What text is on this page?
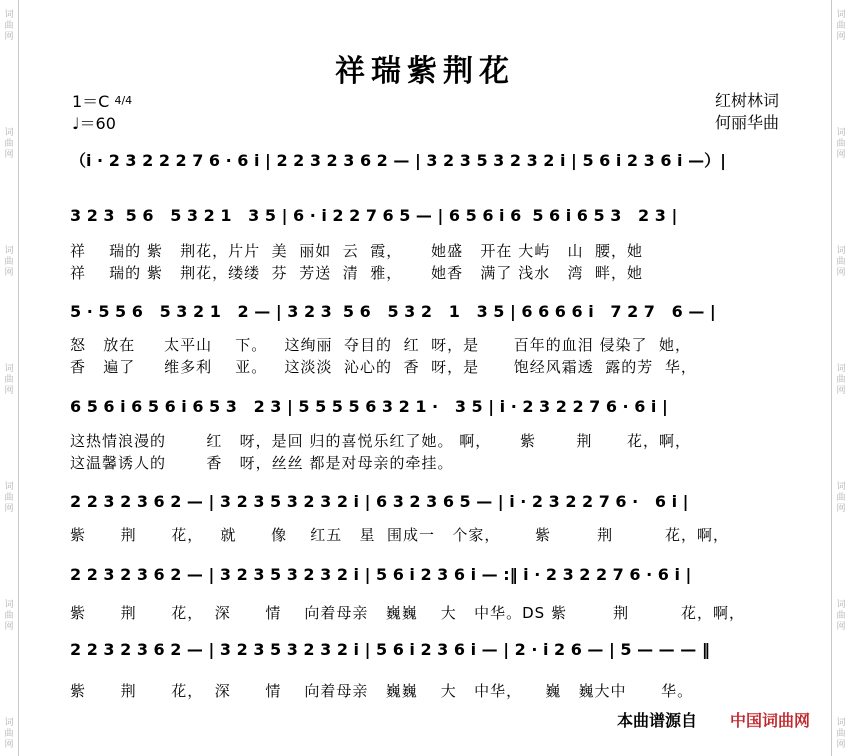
词
曲
网
词
曲
网
词
曲
网
词
曲
网
词
曲
网
词
曲
网
词
曲
网
词
曲
网
词
曲
网
词
曲
网
词
曲
网
词
曲
网
词
曲
网
词
曲
网
祥瑞紫荆花
1＝C 4/4
♩＝60
红树林词
何丽华曲
（i · 2 3 2 2 2 7 6 · 6 i | 2 2 3 2 3 6 2 — | 3 2 3 5 3 2 3 2 i | 5 6 i 2 3 6 i —）|
3 2 3  5 6   5 3 2 1   3 5 | 6 · i 2 2 7 6 5 — | 6 5 6 i 6  5 6 i 6 5 3   2 3 |
祥    瑞的 紫   荆花，片片  美  丽如  云  霞，     她盛   开在 大屿   山  腰，她
祥    瑞的 紫   荆花，缕缕  芬  芳送  清  雅，     她香   满了 浅水   湾  畔，她
5 · 5 5 6   5 3 2 1   2 — | 3 2 3  5 6   5 3 2   1   3 5 | 6 6 6 6 i   7 2 7   6 — |
怒   放在     太平山    下。   这绚丽  夺目的  红  呀，是      百年的血泪 侵染了  她，
香   遍了     维多利    亚。   这淡淡  沁心的  香  呀，是      饱经风霜透  露的芳  华，
6 5 6 i 6 5 6 i 6 5 3   2 3 | 5 5 5 5 6 3 2 1 ·   3 5 | i · 2 3 2 2 7 6 · 6 i |
这热情浪漫的       红   呀，是回 归的喜悦乐红了她。 啊，     紫       荆      花，啊，
这温馨诱人的       香   呀，丝丝 都是对母亲的牵挂。
2 2 3 2 3 6 2 — | 3 2 3 5 3 2 3 2 i | 6 3 2 3 6 5 — | i · 2 3 2 2 7 6 ·   6 i |
紫      荆      花，   就      像    红五   星  围成一   个家，      紫        荆         花，啊，
2 2 3 2 3 6 2 — | 3 2 3 5 3 2 3 2 i | 5 6 i 2 3 6 i — :‖ i · 2 3 2 2 7 6 · 6 i |
紫      荆      花，  深      情    向着母亲   巍巍    大   中华。DS 紫        荆         花，啊，
2 2 3 2 3 6 2 — | 3 2 3 5 3 2 3 2 i | 5 6 i 2 3 6 i — | 2 · i 2 6 — | 5 — — — ‖
紫      荆      花，  深      情    向着母亲   巍巍    大   中华，    巍   巍大中      华。
本曲谱源自 中国词曲网
